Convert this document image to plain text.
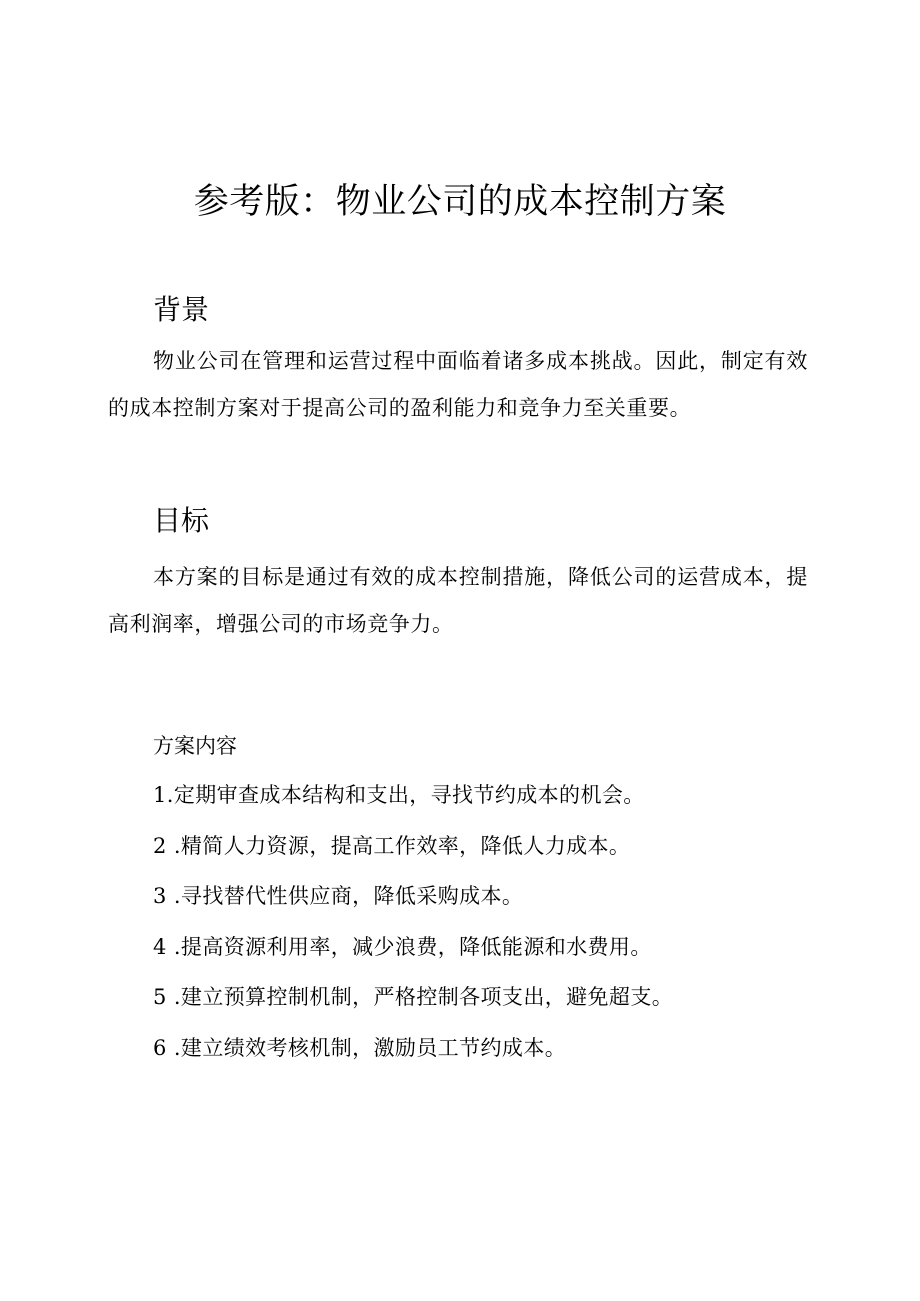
参考版：物业公司的成本控制方案
背景
物业公司在管理和运营过程中面临着诸多成本挑战。因此，制定有效的成本控制方案对于提高公司的盈利能力和竞争力至关重要。
目标
本方案的目标是通过有效的成本控制措施，降低公司的运营成本，提高利润率，增强公司的市场竞争力。
方案内容
1.定期审查成本结构和支出，寻找节约成本的机会。
2 .精简人力资源，提高工作效率，降低人力成本。
3 .寻找替代性供应商，降低采购成本。
4 .提高资源利用率，减少浪费，降低能源和水费用。
5 .建立预算控制机制，严格控制各项支出，避免超支。
6 .建立绩效考核机制，激励员工节约成本。
